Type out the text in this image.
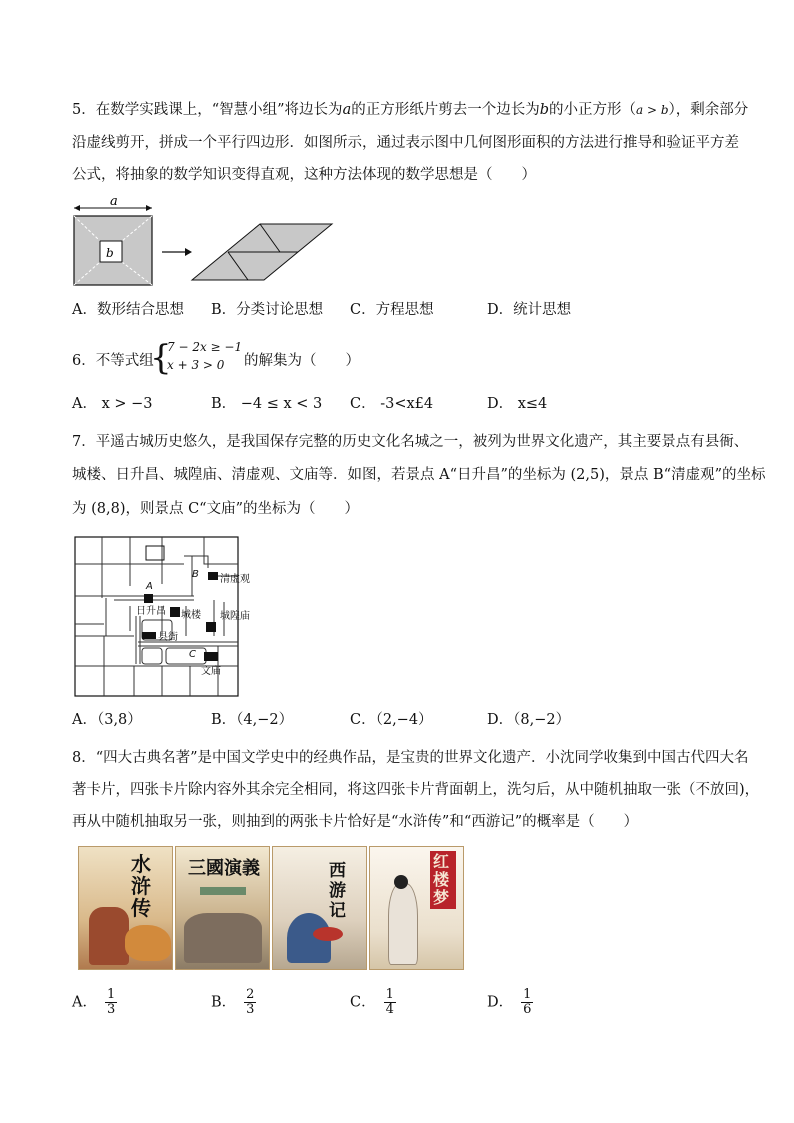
5．在数学实践课上，“智慧小组”将边长为a的正方形纸片剪去一个边长为b的小正方形（a > b），剩余部分
沿虚线剪开，拼成一个平行四边形．如图所示，通过表示图中几何图形面积的方法进行推导和验证平方差
公式，将抽象的数学知识变得直观，这种方法体现的数学思想是（　　）
a
b
A．数形结合思想 B．分类讨论思想 C．方程思想	D．统计思想
6．不等式组
{
7 − 2x ≥ −1
x + 3 > 0 的解集为（　　）
A． x > −3	B． −4 ≤ x < 3 C． -3<x£4	D． x≤4
7．平遥古城历史悠久，是我国保存完整的历史文化名城之一，被列为世界文化遗产，其主要景点有县衙、
城楼、日升昌、城隍庙、清虚观、文庙等．如图，若景点 A“日升昌”的坐标为 (2,5)，景点 B“清虚观”的坐标
为 (8,8)，则景点 C“文庙”的坐标为（　　）
A
B
C
日升昌 城楼 城隍庙
清虚观
县衙
文庙
A．（3,8）	B．（4,−2）	C．（2,−4）	D．（8,−2）
8．“四大古典名著”是中国文学史中的经典作品，是宝贵的世界文化遗产．小沈同学收集到中国古代四大名
著卡片，四张卡片除内容外其余完全相同，将这四张卡片背面朝上，洗匀后，从中随机抽取一张（不放回)，
再从中随机抽取另一张，则抽到的两张卡片恰好是“水浒传”和“西游记”的概率是（　　）
水浒传
三國演義	西游记
红楼梦
A． $\frac{1}{3}$	B． $\frac{2}{3}$	C． $\frac{1}{4}$	D． $\frac{1}{6}$
